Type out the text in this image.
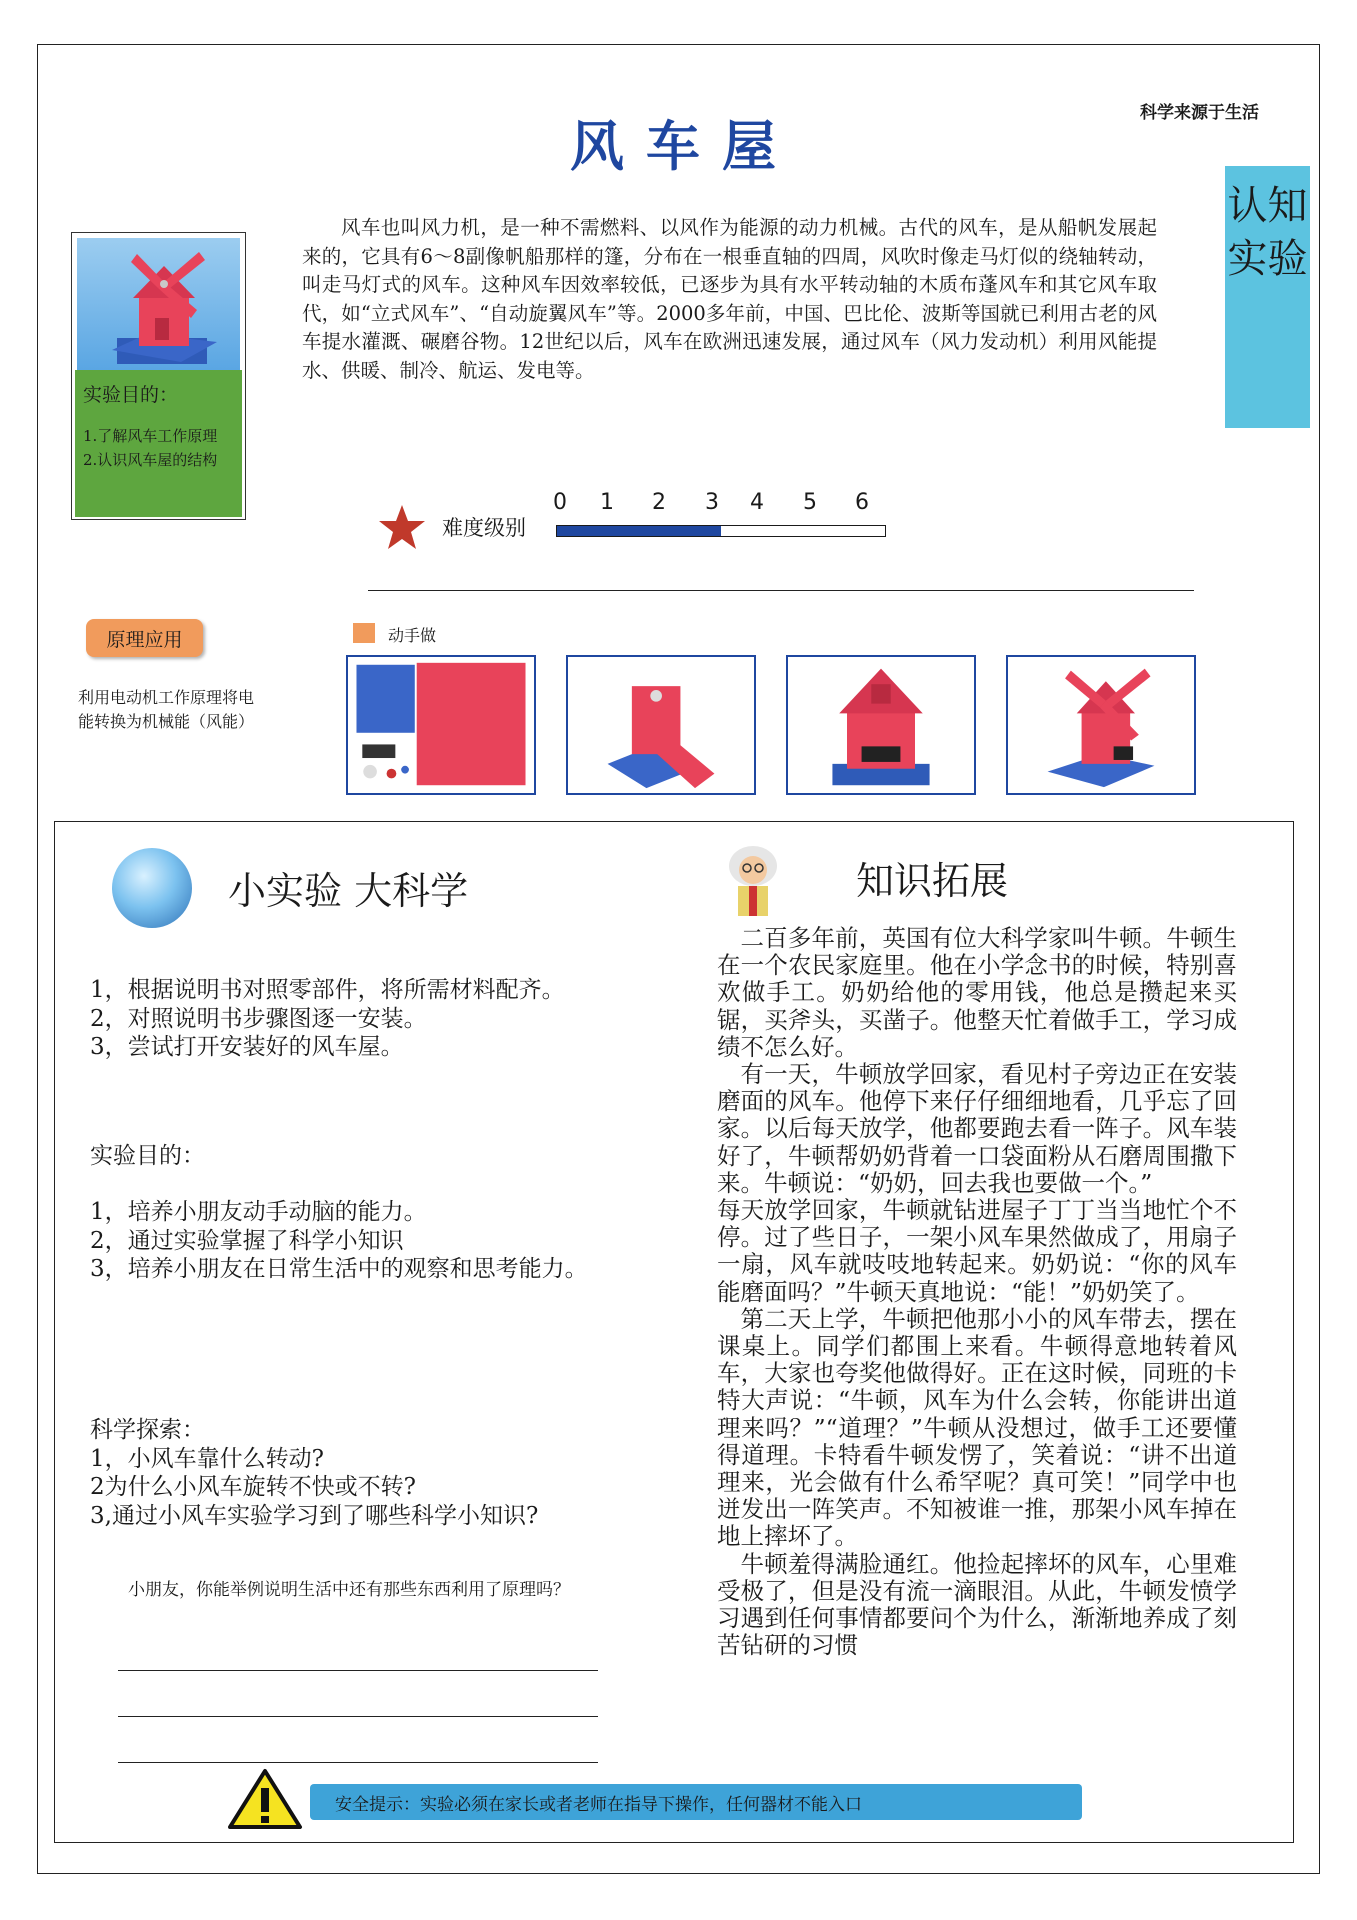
科学来源于生活
风车屋
认知实验
风车也叫风力机，是一种不需燃料、以风作为能源的动力机械。古代的风车，是从船帆发展起来的，它具有6～8副像帆船那样的篷，分布在一根垂直轴的四周，风吹时像走马灯似的绕轴转动，叫走马灯式的风车。这种风车因效率较低，已逐步为具有水平转动轴的木质布蓬风车和其它风车取代，如“立式风车”、“自动旋翼风车”等。2000多年前，中国、巴比伦、波斯等国就已利用古老的风车提水灌溉、碾磨谷物。12世纪以后，风车在欧洲迅速发展，通过风车（风力发动机）利用风能提水、供暖、制冷、航运、发电等。
实验目的：
1.了解风车工作原理
2.认识风车屋的结构
难度级别
0 1 2 3 4 5 6
原理应用
利用电动机工作原理将电能转换为机械能（风能）
动手做
小实验 大科学	知识拓展
1，根据说明书对照零部件，将所需材料配齐。
2，对照说明书步骤图逐一安装。
3，尝试打开安装好的风车屋。
实验目的：
1，培养小朋友动手动脑的能力。
2，通过实验掌握了科学小知识
3，培养小朋友在日常生活中的观察和思考能力。
科学探索：
1，小风车靠什么转动?
2为什么小风车旋转不快或不转?
3,通过小风车实验学习到了哪些科学小知识?
小朋友，你能举例说明生活中还有那些东西利用了原理吗？

二百多年前，英国有位大科学家叫牛顿。牛顿生在一个农民家庭里。他在小学念书的时候，特别喜欢做手工。奶奶给他的零用钱，他总是攒起来买锯，买斧头，买凿子。他整天忙着做手工，学习成绩不怎么好。

有一天，牛顿放学回家，看见村子旁边正在安装磨面的风车。他停下来仔仔细细地看，几乎忘了回家。以后每天放学，他都要跑去看一阵子。风车装好了，牛顿帮奶奶背着一口袋面粉从石磨周围撒下来。牛顿说：“奶奶，回去我也要做一个。”

每天放学回家，牛顿就钻进屋子丁丁当当地忙个不停。过了些日子，一架小风车果然做成了，用扇子一扇，风车就吱吱地转起来。奶奶说：“你的风车能磨面吗？”牛顿天真地说：“能！”奶奶笑了。

第二天上学，牛顿把他那小小的风车带去，摆在课桌上。同学们都围上来看。牛顿得意地转着风车，大家也夸奖他做得好。正在这时候，同班的卡特大声说：“牛顿，风车为什么会转，你能讲出道理来吗？”“道理？”牛顿从没想过，做手工还要懂得道理。卡特看牛顿发愣了，笑着说：“讲不出道理来，光会做有什么希罕呢？真可笑！”同学中也迸发出一阵笑声。不知被谁一推，那架小风车掉在地上摔坏了。

牛顿羞得满脸通红。他捡起摔坏的风车，心里难受极了，但是没有流一滴眼泪。从此，牛顿发愤学习遇到任何事情都要问个为什么，渐渐地养成了刻苦钻研的习惯

安全提示：实验必须在家长或者老师在指导下操作，任何器材不能入口
